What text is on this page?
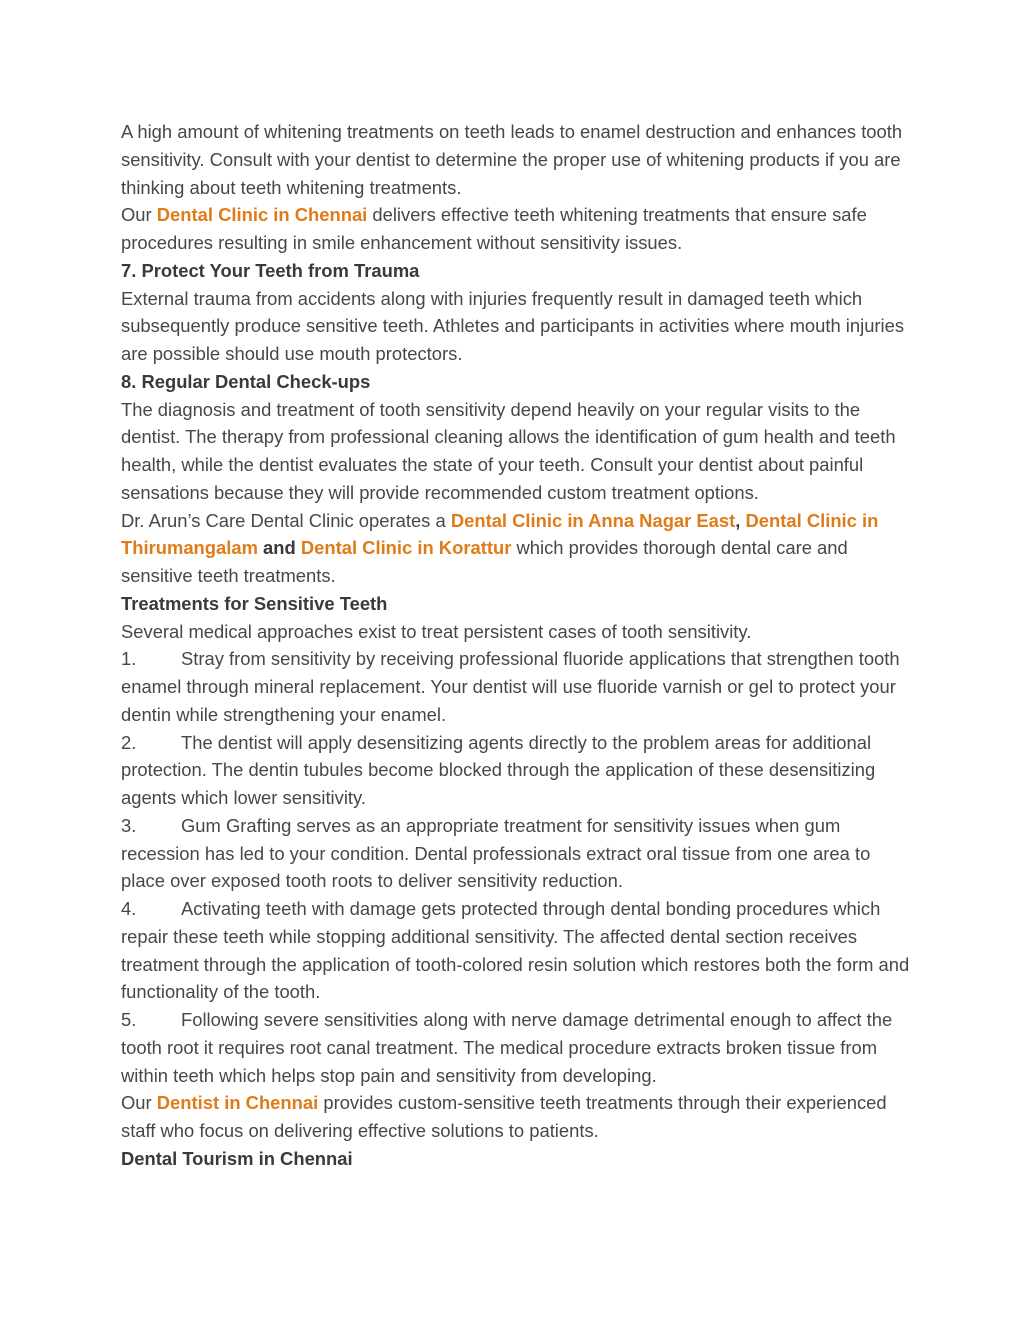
A high amount of whitening treatments on teeth leads to enamel destruction and enhances tooth sensitivity. Consult with your dentist to determine the proper use of whitening products if you are thinking about teeth whitening treatments.

Our Dental Clinic in Chennai delivers effective teeth whitening treatments that ensure safe procedures resulting in smile enhancement without sensitivity issues.

7. Protect Your Teeth from Trauma

External trauma from accidents along with injuries frequently result in damaged teeth which subsequently produce sensitive teeth. Athletes and participants in activities where mouth injuries are possible should use mouth protectors.

8. Regular Dental Check-ups

The diagnosis and treatment of tooth sensitivity depend heavily on your regular visits to the dentist. The therapy from professional cleaning allows the identification of gum health and teeth health, while the dentist evaluates the state of your teeth. Consult your dentist about painful sensations because they will provide recommended custom treatment options.

Dr. Arun’s Care Dental Clinic operates a Dental Clinic in Anna Nagar East, Dental Clinic in Thirumangalam and Dental Clinic in Korattur which provides thorough dental care and sensitive teeth treatments.

Treatments for Sensitive Teeth

Several medical approaches exist to treat persistent cases of tooth sensitivity.

1. Stray from sensitivity by receiving professional fluoride applications that strengthen tooth enamel through mineral replacement. Your dentist will use fluoride varnish or gel to protect your dentin while strengthening your enamel.

2. The dentist will apply desensitizing agents directly to the problem areas for additional protection. The dentin tubules become blocked through the application of these desensitizing agents which lower sensitivity.

3. Gum Grafting serves as an appropriate treatment for sensitivity issues when gum recession has led to your condition. Dental professionals extract oral tissue from one area to place over exposed tooth roots to deliver sensitivity reduction.

4. Activating teeth with damage gets protected through dental bonding procedures which repair these teeth while stopping additional sensitivity. The affected dental section receives treatment through the application of tooth-colored resin solution which restores both the form and functionality of the tooth.

5. Following severe sensitivities along with nerve damage detrimental enough to affect the tooth root it requires root canal treatment. The medical procedure extracts broken tissue from within teeth which helps stop pain and sensitivity from developing.

Our Dentist in Chennai provides custom-sensitive teeth treatments through their experienced staff who focus on delivering effective solutions to patients.

Dental Tourism in Chennai
